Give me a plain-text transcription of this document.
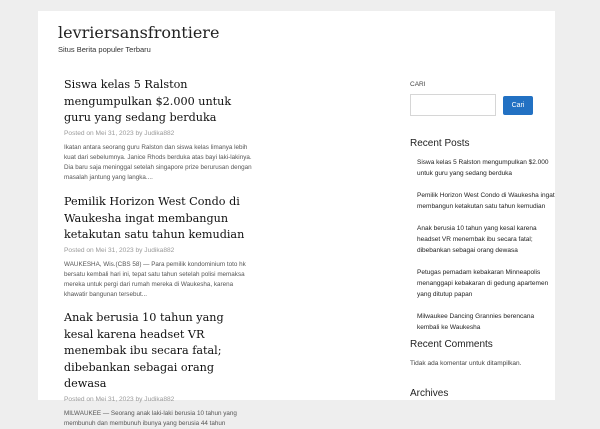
levriersansfrontiere
Situs Berita populer Terbaru
Siswa kelas 5 Ralston mengumpulkan $2.000 untuk guru yang sedang berduka
Posted on Mei 31, 2023 by Judika882
Ikatan antara seorang guru Ralston dan siswa kelas limanya lebih kuat dari sebelumnya. Janice Rhods berduka atas bayi laki-lakinya. Dia baru saja meninggal setelah singapore prize berurusan dengan masalah jantung yang langka....
Pemilik Horizon West Condo di Waukesha ingat membangun ketakutan satu tahun kemudian
Posted on Mei 31, 2023 by Judika882
WAUKESHA, Wis.(CBS 58) — Para pemilik kondominium toto hk bersatu kembali hari ini, tepat satu tahun setelah polisi memaksa mereka untuk pergi dari rumah mereka di Waukesha, karena khawatir bangunan tersebut...
Anak berusia 10 tahun yang kesal karena headset VR menembak ibu secara fatal; dibebankan sebagai orang dewasa
Posted on Mei 31, 2023 by Judika882
MILWAUKEE — Seorang anak laki-laki berusia 10 tahun yang membunuh dan membunuh ibunya yang berusia 44 tahun
CARI
Cari
Recent Posts
Siswa kelas 5 Ralston mengumpulkan $2.000 untuk guru yang sedang berduka
Pemilik Horizon West Condo di Waukesha ingat membangun ketakutan satu tahun kemudian
Anak berusia 10 tahun yang kesal karena headset VR menembak ibu secara fatal; dibebankan sebagai orang dewasa
Petugas pemadam kebakaran Minneapolis menanggapi kebakaran di gedung apartemen yang ditutup papan
Milwaukee Dancing Grannies berencana kembali ke Waukesha
Recent Comments
Tidak ada komentar untuk ditampilkan.
Archives
